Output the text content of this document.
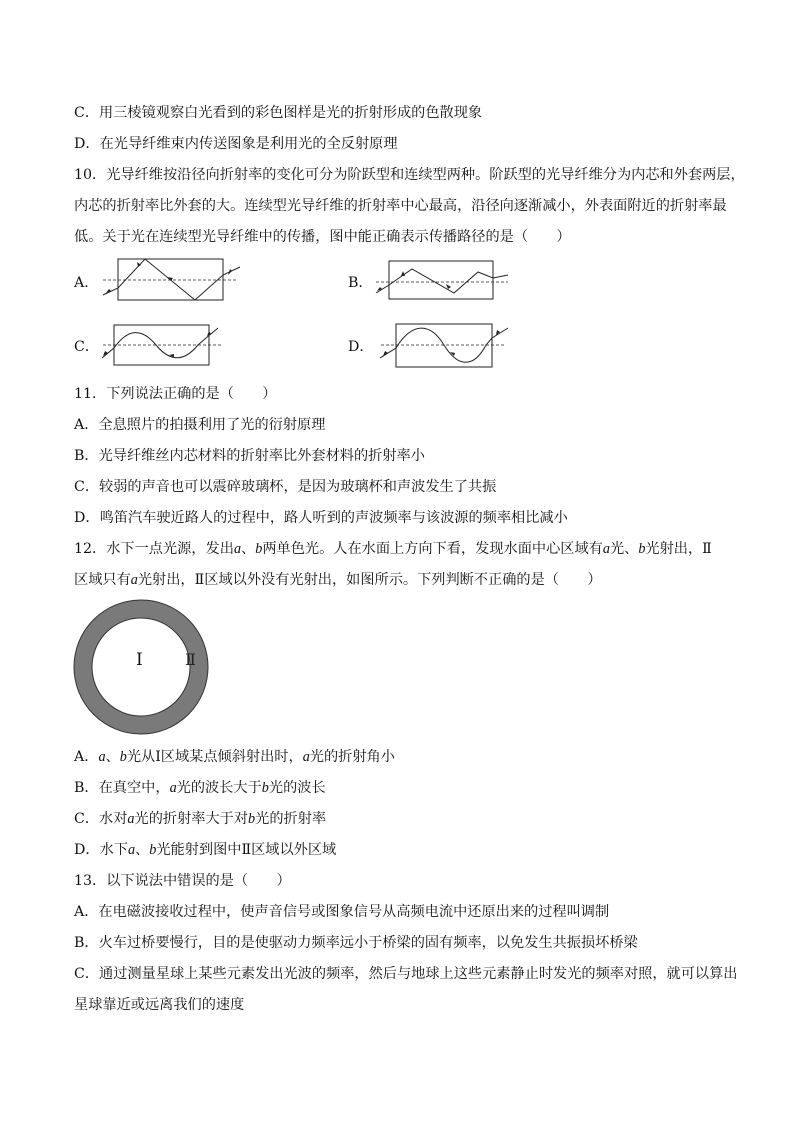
C．用三棱镜观察白光看到的彩色图样是光的折射形成的色散现象
D．在光导纤维束内传送图象是利用光的全反射原理
10．光导纤维按沿径向折射率的变化可分为阶跃型和连续型两种。阶跃型的光导纤维分为内芯和外套两层，
内芯的折射率比外套的大。连续型光导纤维的折射率中心最高，沿径向逐渐减小，外表面附近的折射率最
低。关于光在连续型光导纤维中的传播，图中能正确表示传播路径的是（　　）
A．	B．
C．	D．
11．下列说法正确的是（　　）
A．全息照片的拍摄利用了光的衍射原理
B．光导纤维丝内芯材料的折射率比外套材料的折射率小
C．较弱的声音也可以震碎玻璃杯，是因为玻璃杯和声波发生了共振
D．鸣笛汽车驶近路人的过程中，路人听到的声波频率与该波源的频率相比减小
12．水下一点光源，发出a、b两单色光。人在水面上方向下看，发现水面中心区域有a光、b光射出，Ⅱ
区域只有a光射出，Ⅱ区域以外没有光射出，如图所示。下列判断不正确的是（　　）
Ⅰ	Ⅱ
A．a、b光从Ⅰ区域某点倾斜射出时，a光的折射角小
B．在真空中，a光的波长大于b光的波长
C．水对a光的折射率大于对b光的折射率
D．水下a、b光能射到图中Ⅱ区域以外区域
13．以下说法中错误的是（　　）
A．在电磁波接收过程中，使声音信号或图象信号从高频电流中还原出来的过程叫调制
B．火车过桥要慢行，目的是使驱动力频率远小于桥梁的固有频率，以免发生共振损坏桥梁
C．通过测量星球上某些元素发出光波的频率，然后与地球上这些元素静止时发光的频率对照，就可以算出
星球靠近或远离我们的速度
